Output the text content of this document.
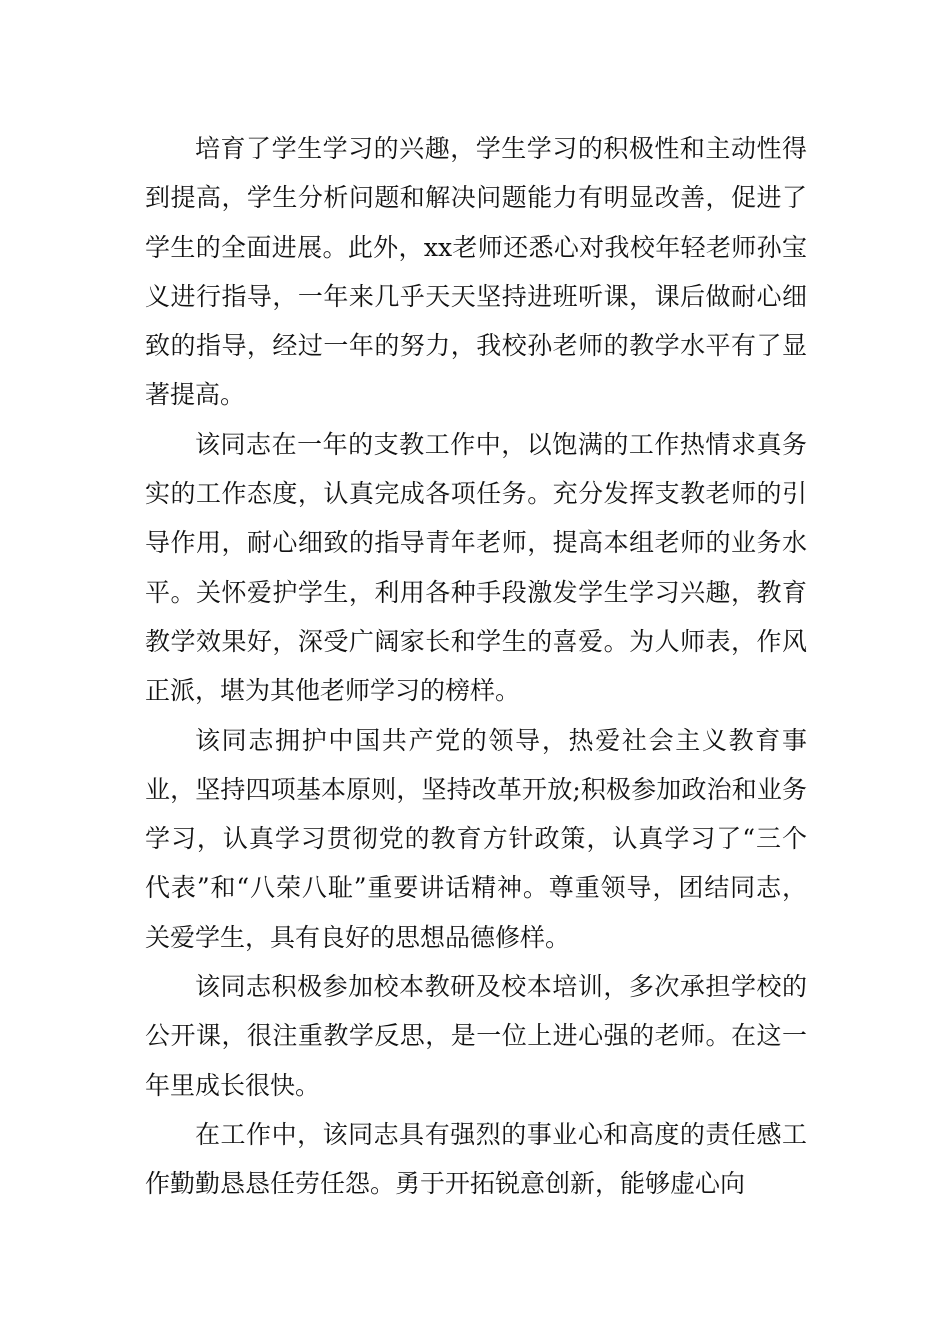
培育了学生学习的兴趣，学生学习的积极性和主动性得到提高，学生分析问题和解决问题能力有明显改善，促进了学生的全面进展。此外，xx老师还悉心对我校年轻老师孙宝义进行指导，一年来几乎天天坚持进班听课，课后做耐心细致的指导，经过一年的努力，我校孙老师的教学水平有了显著提高。

该同志在一年的支教工作中，以饱满的工作热情求真务实的工作态度，认真完成各项任务。充分发挥支教老师的引导作用，耐心细致的指导青年老师，提高本组老师的业务水平。关怀爱护学生，利用各种手段激发学生学习兴趣，教育教学效果好，深受广阔家长和学生的喜爱。为人师表，作风正派，堪为其他老师学习的榜样。

该同志拥护中国共产党的领导，热爱社会主义教育事业，坚持四项基本原则，坚持改革开放;积极参加政治和业务学习，认真学习贯彻党的教育方针政策，认真学习了“三个代表”和“八荣八耻”重要讲话精神。尊重领导，团结同志，关爱学生，具有良好的思想品德修样。

该同志积极参加校本教研及校本培训，多次承担学校的公开课，很注重教学反思，是一位上进心强的老师。在这一年里成长很快。

在工作中，该同志具有强烈的事业心和高度的责任感工作勤勤恳恳任劳任怨。勇于开拓锐意创新，能够虚心向
